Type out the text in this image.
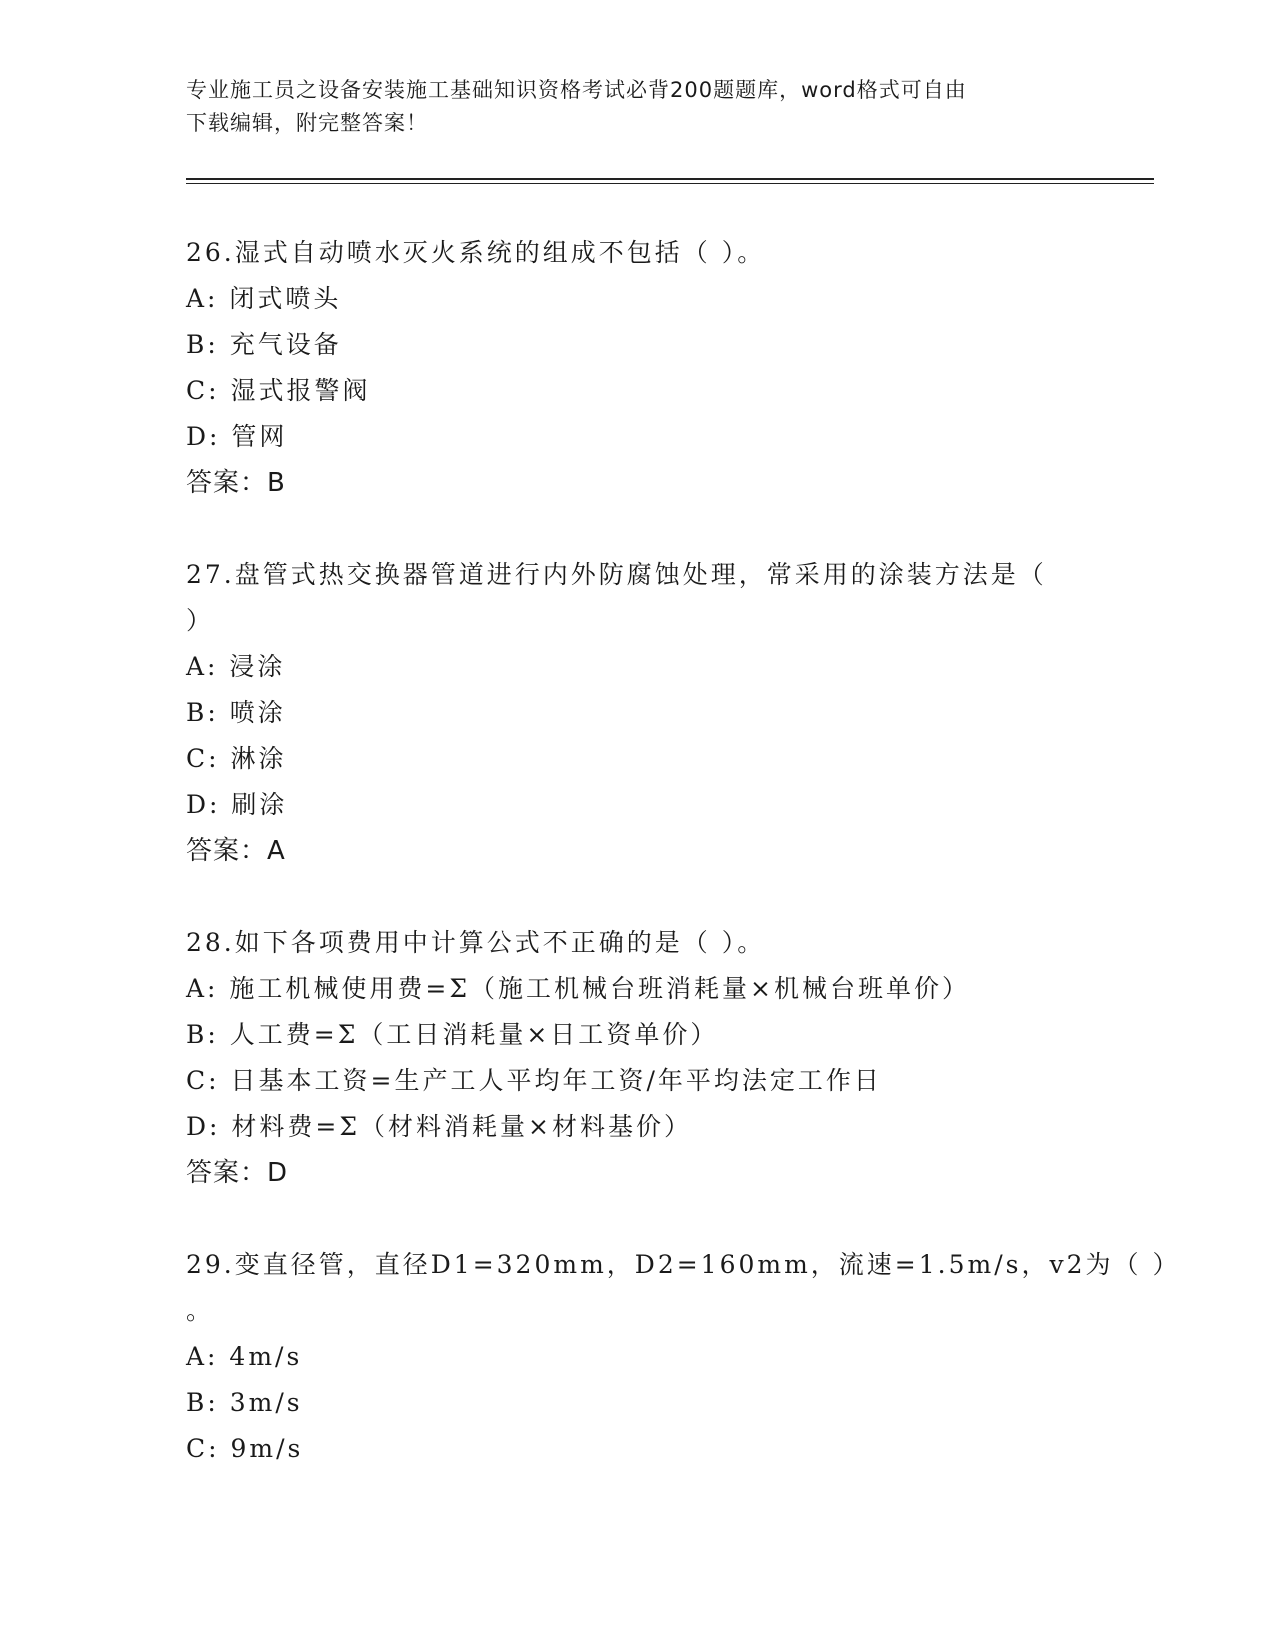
专业施工员之设备安装施工基础知识资格考试必背200题题库，word格式可自由
下载编辑，附完整答案！
26.湿式自动喷水灭火系统的组成不包括（ ）。
A: 闭式喷头
B: 充气设备
C: 湿式报警阀
D: 管网
答案：B
27.盘管式热交换器管道进行内外防腐蚀处理，常采用的涂装方法是（
）
A: 浸涂
B: 喷涂
C: 淋涂
D: 刷涂
答案：A
28.如下各项费用中计算公式不正确的是（ ）。
A: 施工机械使用费=Σ（施工机械台班消耗量×机械台班单价）
B: 人工费=Σ（工日消耗量×日工资单价）
C: 日基本工资=生产工人平均年工资/年平均法定工作日
D: 材料费=Σ（材料消耗量×材料基价）
答案：D
29.变直径管，直径D1=320mm，D2=160mm，流速=1.5m/s，v2为（ ）
。
A: 4m/s
B: 3m/s
C: 9m/s
